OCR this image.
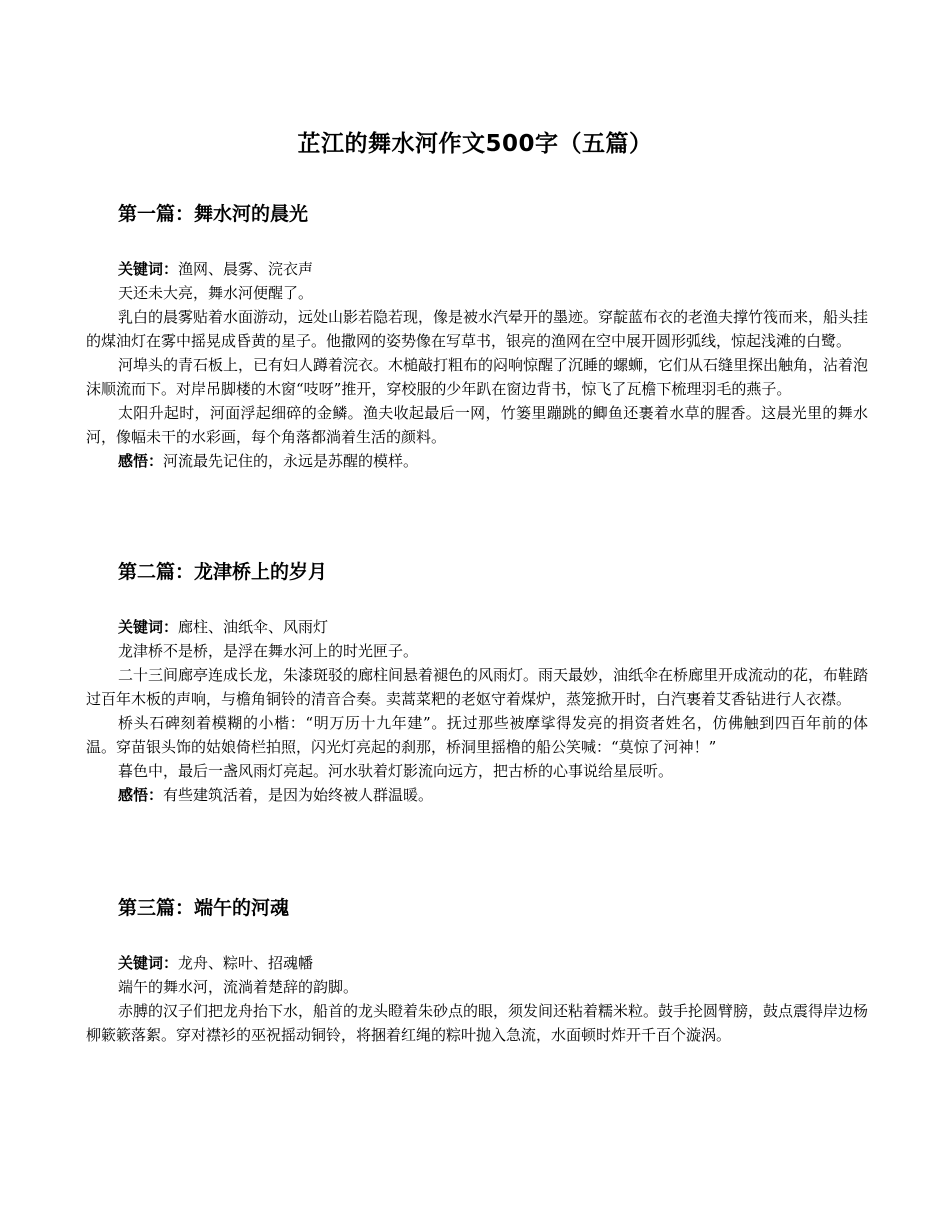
芷江的舞水河作文500字（五篇）
第一篇：舞水河的晨光

关键词：渔网、晨雾、浣衣声

天还未大亮，舞水河便醒了。

乳白的晨雾贴着水面游动，远处山影若隐若现，像是被水汽晕开的墨迹。穿靛蓝布衣的老渔夫撑竹筏而来，船头挂的煤油灯在雾中摇晃成昏黄的星子。他撒网的姿势像在写草书，银亮的渔网在空中展开圆形弧线，惊起浅滩的白鹭。

河埠头的青石板上，已有妇人蹲着浣衣。木槌敲打粗布的闷响惊醒了沉睡的螺蛳，它们从石缝里探出触角，沾着泡沫顺流而下。对岸吊脚楼的木窗“吱呀”推开，穿校服的少年趴在窗边背书，惊飞了瓦檐下梳理羽毛的燕子。

太阳升起时，河面浮起细碎的金鳞。渔夫收起最后一网，竹篓里蹦跳的鲫鱼还裹着水草的腥香。这晨光里的舞水河，像幅未干的水彩画，每个角落都淌着生活的颜料。

感悟：河流最先记住的，永远是苏醒的模样。

第二篇：龙津桥上的岁月

关键词：廊柱、油纸伞、风雨灯

龙津桥不是桥，是浮在舞水河上的时光匣子。

二十三间廊亭连成长龙，朱漆斑驳的廊柱间悬着褪色的风雨灯。雨天最妙，油纸伞在桥廊里开成流动的花，布鞋踏过百年木板的声响，与檐角铜铃的清音合奏。卖蒿菜粑的老妪守着煤炉，蒸笼掀开时，白汽裹着艾香钻进行人衣襟。

桥头石碑刻着模糊的小楷：“明万历十九年建”。抚过那些被摩挲得发亮的捐资者姓名，仿佛触到四百年前的体温。穿苗银头饰的姑娘倚栏拍照，闪光灯亮起的刹那，桥洞里摇橹的船公笑喊：“莫惊了河神！”

暮色中，最后一盏风雨灯亮起。河水驮着灯影流向远方，把古桥的心事说给星辰听。

感悟：有些建筑活着，是因为始终被人群温暖。

第三篇：端午的河魂

关键词：龙舟、粽叶、招魂幡

端午的舞水河，流淌着楚辞的韵脚。

赤膊的汉子们把龙舟抬下水，船首的龙头瞪着朱砂点的眼，须发间还粘着糯米粒。鼓手抡圆臂膀，鼓点震得岸边杨柳簌簌落絮。穿对襟衫的巫祝摇动铜铃，将捆着红绳的粽叶抛入急流，水面顿时炸开千百个漩涡。
